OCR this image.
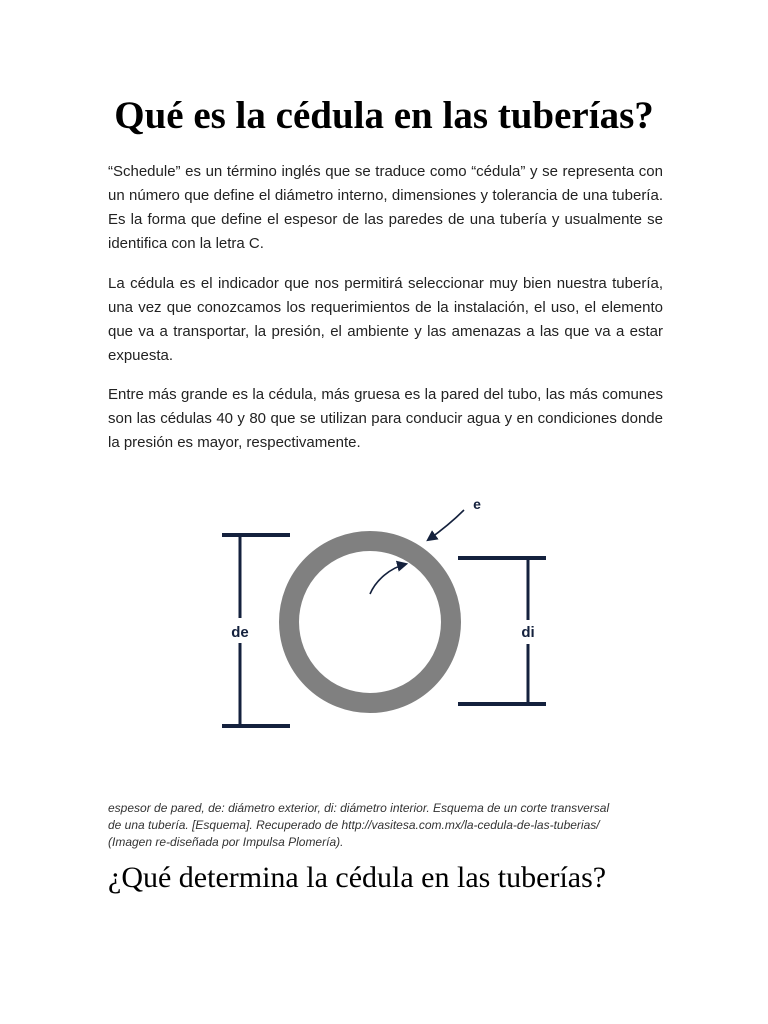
Qué es la cédula en las tuberías?
“Schedule” es un término inglés que se traduce como “cédula” y se representa con
un número que define el diámetro interno, dimensiones y tolerancia de una tubería.
Es la forma que define el espesor de las paredes de una tubería y usualmente se
identifica con la letra C.
La cédula es el indicador que nos permitirá seleccionar muy bien nuestra tubería,
una vez que conozcamos los requerimientos de la instalación, el uso, el elemento
que va a transportar, la presión, el ambiente y las amenazas a las que va a estar
expuesta.
Entre más grande es la cédula, más gruesa es la pared del tubo, las más comunes
son las cédulas 40 y 80 que se utilizan para conducir agua y en condiciones donde
la presión es mayor, respectivamente.
de	di
e
espesor de pared, de: diámetro exterior, di: diámetro interior. Esquema de un corte transversal
de una tubería. [Esquema]. Recuperado de http://vasitesa.com.mx/la-cedula-de-las-tuberias/
(Imagen re-diseñada por Impulsa Plomería).
¿Qué determina la cédula en las tuberías?
